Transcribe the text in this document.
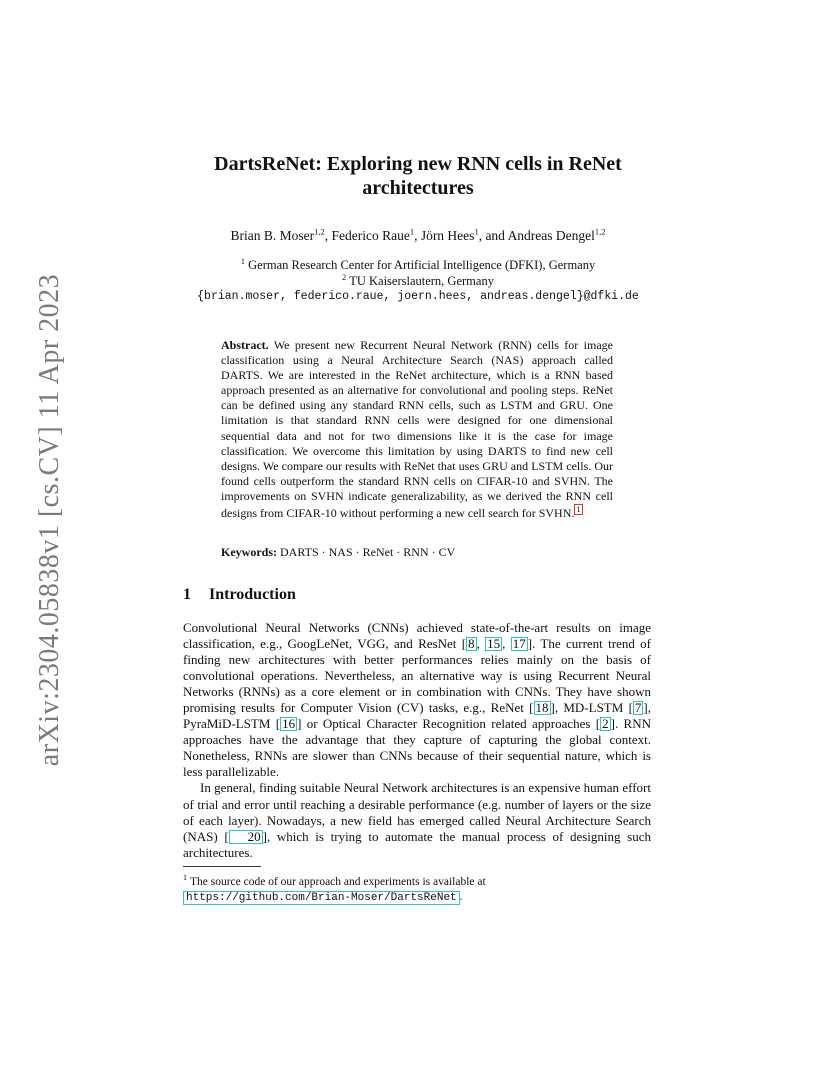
arXiv:2304.05838v1 [cs.CV] 11 Apr 2023
DartsReNet: Exploring new RNN cells in ReNet
architectures
Brian B. Moser$^{1,2}$, Federico Raue$^1$, Jörn Hees$^1$, and Andreas Dengel$^{1,2}$
$^1$ German Research Center for Artificial Intelligence (DFKI), Germany
$^2$ TU Kaiserslautern, Germany
{brian.moser, federico.raue, joern.hees, andreas.dengel}@dfki.de
Abstract. We present new Recurrent Neural Network (RNN) cells for image classification using a Neural Architecture Search (NAS) approach called DARTS. We are interested in the ReNet architecture, which is a RNN based approach presented as an alternative for convolutional and pooling steps. ReNet can be defined using any standard RNN cells, such as LSTM and GRU. One limitation is that standard RNN cells were designed for one dimensional sequential data and not for two dimensions like it is the case for image classification. We overcome this limitation by using DARTS to find new cell designs. We compare our results with ReNet that uses GRU and LSTM cells. Our found cells outperform the standard RNN cells on CIFAR-10 and SVHN. The improvements on SVHN indicate generalizability, as we derived the RNN cell designs from CIFAR-10 without performing a new cell search for SVHN. 1
Keywords: DARTS · NAS · ReNet · RNN · CV
1 Introduction

Convolutional Neural Networks (CNNs) achieved state-of-the-art results on image classification, e.g., GoogLeNet, VGG, and ResNet [ 8 , 15 , 17 ]. The current trend of finding new architectures with better performances relies mainly on the basis of convolutional operations. Nevertheless, an alternative way is using Recurrent Neural Networks (RNNs) as a core element or in combination with CNNs. They have shown promising results for Computer Vision (CV) tasks, e.g., ReNet [ 18 ], MD-LSTM [ 7 ], PyraMiD-LSTM [ 16 ] or Optical Character Recognition related approaches [ 2 ]. RNN approaches have the advantage that they capture of capturing the global context. Nonetheless, RNNs are slower than CNNs because of their sequential nature, which is less parallelizable.

In general, finding suitable Neural Network architectures is an expensive human effort of trial and error until reaching a desirable performance (e.g. number of layers or the size of each layer). Nowadays, a new field has emerged called Neural Architecture Search (NAS) [ 20 ], which is trying to automate the manual process of designing such architectures.

$^1$ The source code of our approach and experiments is available at https://github.com/Brian-Moser/DartsReNet .
